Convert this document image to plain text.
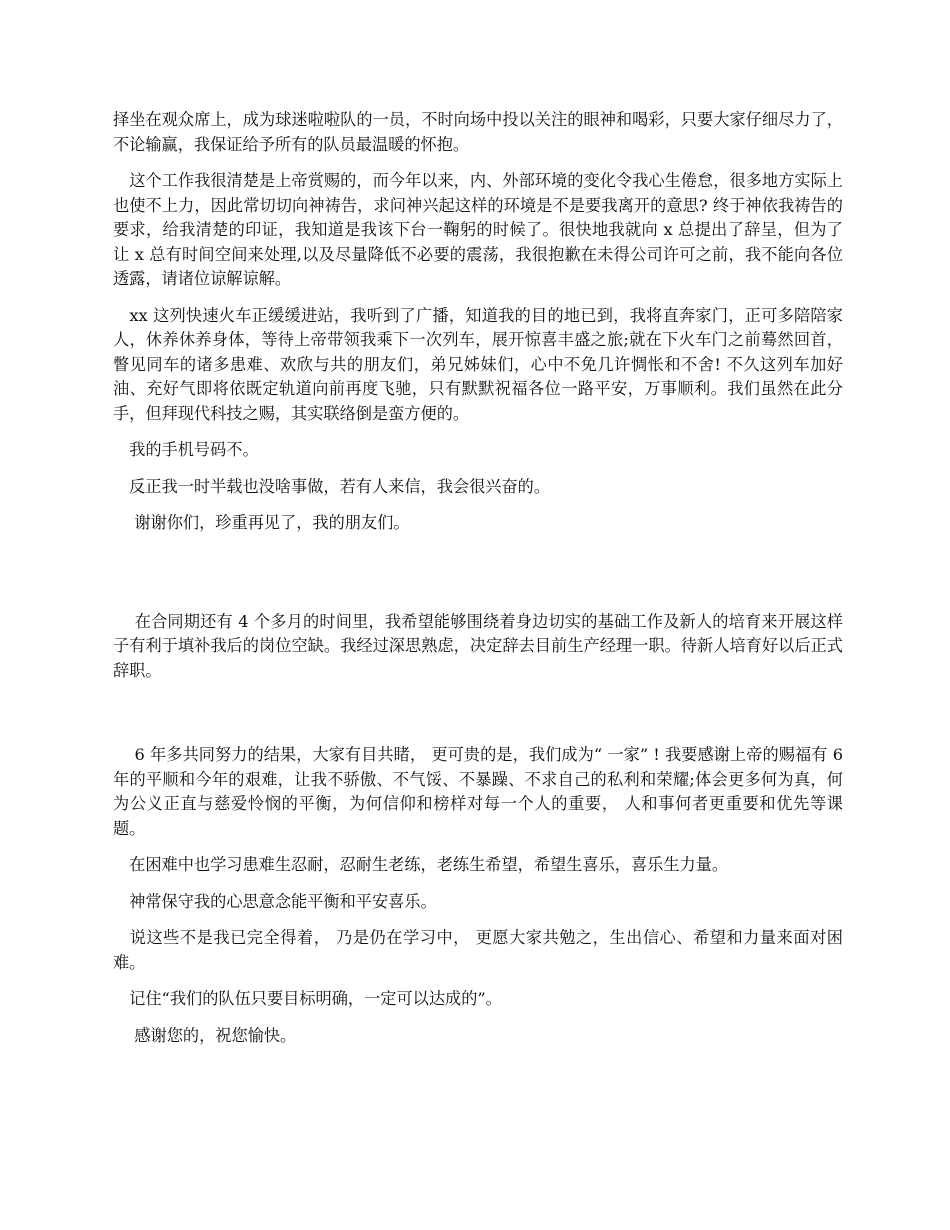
择坐在观众席上，成为球迷啦啦队的一员，不时向场中投以关注的眼神和喝彩，只要大家仔细尽力了，不论输赢，我保证给予所有的队员最温暖的怀抱。

　这个工作我很清楚是上帝赏赐的，而今年以来，内、外部环境的变化令我心生倦怠，很多地方实际上也使不上力，因此常切切向神祷告，求问神兴起这样的环境是不是要我离开的意思? 终于神依我祷告的要求，给我清楚的印证，我知道是我该下台一鞠躬的时候了。很快地我就向 x 总提出了辞呈，但为了让 x 总有时间空间来处理,以及尽量降低不必要的震荡，我很抱歉在未得公司许可之前，我不能向各位透露，请诸位谅解谅解。

　xx 这列快速火车正缓缓进站，我听到了广播，知道我的目的地已到，我将直奔家门，正可多陪陪家人，休养休养身体，等待上帝带领我乘下一次列车，展开惊喜丰盛之旅;就在下火车门之前蓦然回首，瞥见同车的诸多患难、欢欣与共的朋友们，弟兄姊妹们，心中不免几许惆怅和不舍! 不久这列车加好油、充好气即将依既定轨道向前再度飞驰，只有默默祝福各位一路平安，万事顺利。我们虽然在此分手，但拜现代科技之赐，其实联络倒是蛮方便的。

　我的手机号码不。

　反正我一时半载也没啥事做，若有人来信，我会很兴奋的。

　 谢谢你们，珍重再见了，我的朋友们。

　 在合同期还有 4 个多月的时间里，我希望能够围绕着身边切实的基础工作及新人的培育来开展这样子有利于填补我后的岗位空缺。我经过深思熟虑，决定辞去目前生产经理一职。待新人培育好以后正式辞职。

　 6 年多共同努力的结果，大家有目共睹， 更可贵的是，我们成为“ 一家” ! 我要感谢上帝的赐福有 6 年的平顺和今年的艰难，让我不骄傲、不气馁、不暴躁、不求自己的私利和荣耀;体会更多何为真，何为公义正直与慈爱怜悯的平衡，为何信仰和榜样对每一个人的重要， 人和事何者更重要和优先等课题。

　在困难中也学习患难生忍耐，忍耐生老练，老练生希望，希望生喜乐，喜乐生力量。

　神常保守我的心思意念能平衡和平安喜乐。

　说这些不是我已完全得着， 乃是仍在学习中， 更愿大家共勉之，生出信心、希望和力量来面对困难。

　记住“我们的队伍只要目标明确，一定可以达成的”。

　 感谢您的，祝您愉快。
